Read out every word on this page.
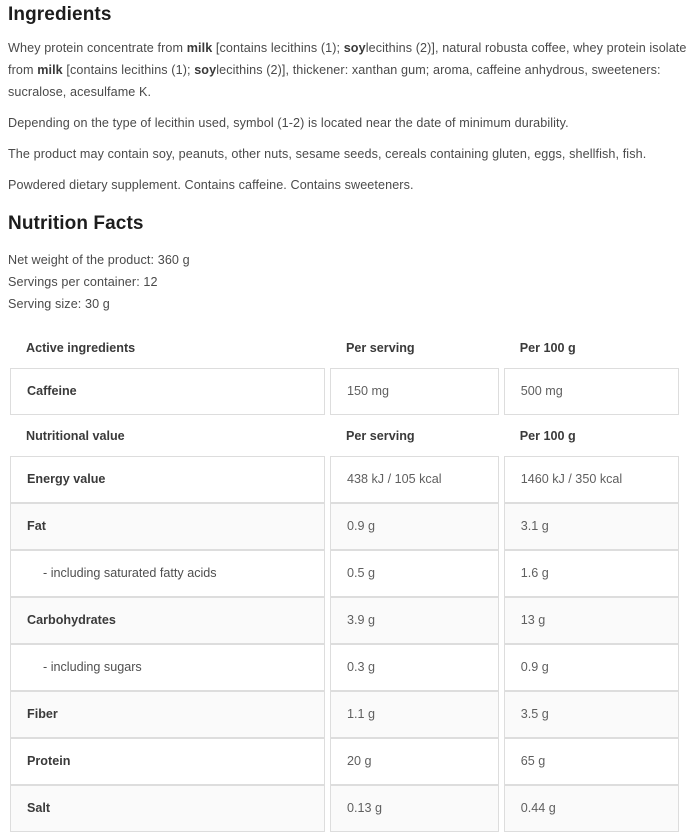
Ingredients

Whey protein concentrate from milk [contains lecithins (1); soylecithins (2)], natural robusta coffee, whey protein isolate from milk [contains lecithins (1); soylecithins (2)], thickener: xanthan gum; aroma, caffeine anhydrous, sweeteners: sucralose, acesulfame K.

Depending on the type of lecithin used, symbol (1-2) is located near the date of minimum durability.

The product may contain soy, peanuts, other nuts, sesame seeds, cereals containing gluten, eggs, shellfish, fish.

Powdered dietary supplement. Contains caffeine. Contains sweeteners.

Nutrition Facts
Net weight of the product: 360 g
Servings per container: 12
Serving size: 30 g
Active ingredients	Per serving	Per 100 g
Caffeine	150 mg	500 mg
Nutritional value	Per serving	Per 100 g
Energy value	438 kJ / 105 kcal	1460 kJ / 350 kcal
Fat	0.9 g	3.1 g
- including saturated fatty acids	0.5 g	1.6 g
Carbohydrates	3.9 g	13 g
- including sugars	0.3 g	0.9 g
Fiber	1.1 g	3.5 g
Protein	20 g	65 g
Salt	0.13 g	0.44 g
